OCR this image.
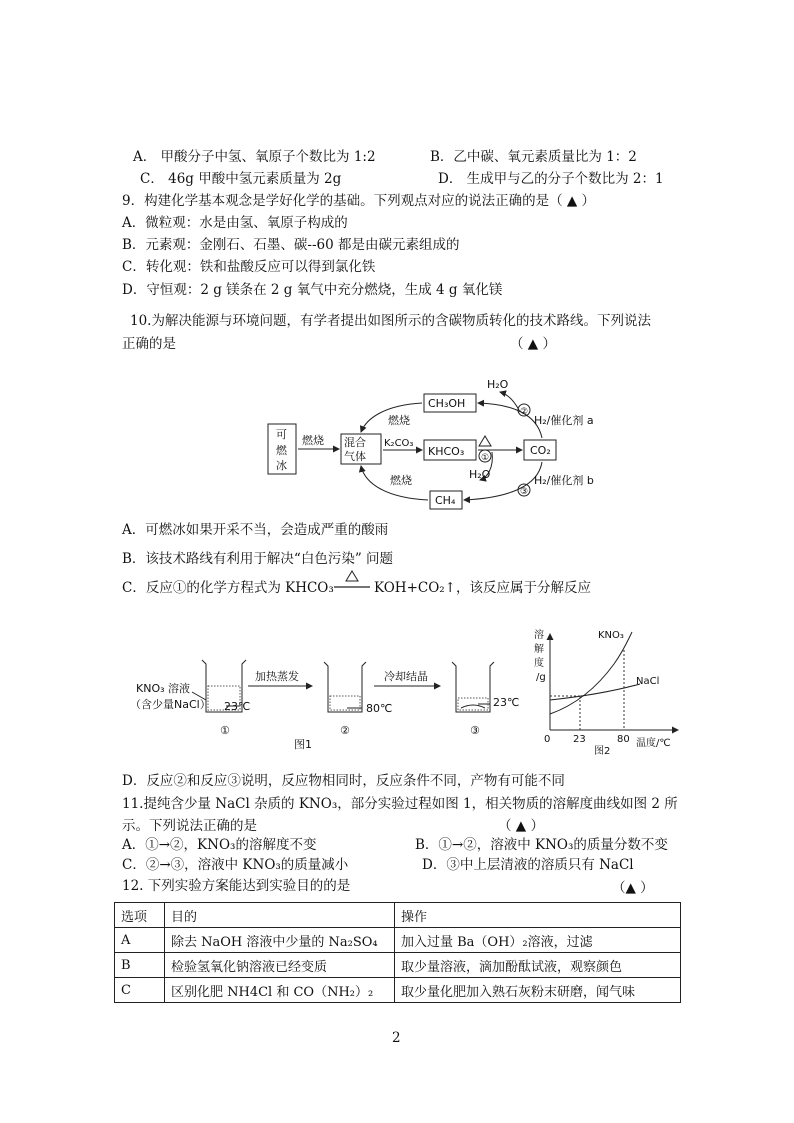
A． 甲酸分子中氢、氧原子个数比为 1:2	B．乙中碳、氧元素质量比为 1：2
C． 46g 甲酸中氢元素质量为 2g	D． 生成甲与乙的分子个数比为 2：1
9．构建化学基本观念是学好化学的基础。下列观点对应的说法正确的是（ ▲ ）
A．微粒观：水是由氢、氧原子构成的
B．元素观：金刚石、石墨、碳--60 都是由碳元素组成的
C．转化观：铁和盐酸反应可以得到氯化铁
D．守恒观：2 g 镁条在 2 g 氧气中充分燃烧，生成 4 g 氧化镁
10.为解决能源与环境问题，有学者提出如图所示的含碳物质转化的技术路线。下列说法
正确的是	（ ▲ ）
可
燃
冰
燃烧 混合
气体
K₂CO₃
KHCO₃	CO₂
CH₃OH
CH₄
燃烧
燃烧
H₂O
H₂O
H₂/催化剂 a
H₂/催化剂 b
①
②
③
A．可燃冰如果开采不当，会造成严重的酸雨
B．该技术路线有利用于解决“白色污染” 问题
C．反应①的化学方程式为 KHCO₃	KOH+CO₂↑，该反应属于分解反应
KNO₃ 溶液
（含少量NaCl）
加热蒸发	冷却结晶
23℃	80℃	23℃
①	②	③
图1
溶
解
度
/g
KNO₃
NaCl
0 23	80 温度/℃
图2
D．反应②和反应③说明，反应物相同时，反应条件不同，产物有可能不同
11.提纯含少量 NaCl 杂质的 KNO₃，部分实验过程如图 1，相关物质的溶解度曲线如图 2 所
示。下列说法正确的是	（ ▲ ）
A．①→②，KNO₃的溶解度不变	B．①→②，溶液中 KNO₃的质量分数不变
C．②→③，溶液中 KNO₃的质量减小	D．③中上层清液的溶质只有 NaCl
12. 下列实验方案能达到实验目的的是	（▲ ）
选项	目的	操作
A	除去 NaOH 溶液中少量的 Na₂SO₄	加入过量 Ba（OH）₂溶液，过滤
B	检验氢氧化钠溶液已经变质	取少量溶液，滴加酚酞试液，观察颜色
C	区别化肥 NH4Cl 和 CO（NH₂）₂	取少量化肥加入熟石灰粉末研磨，闻气味
2
